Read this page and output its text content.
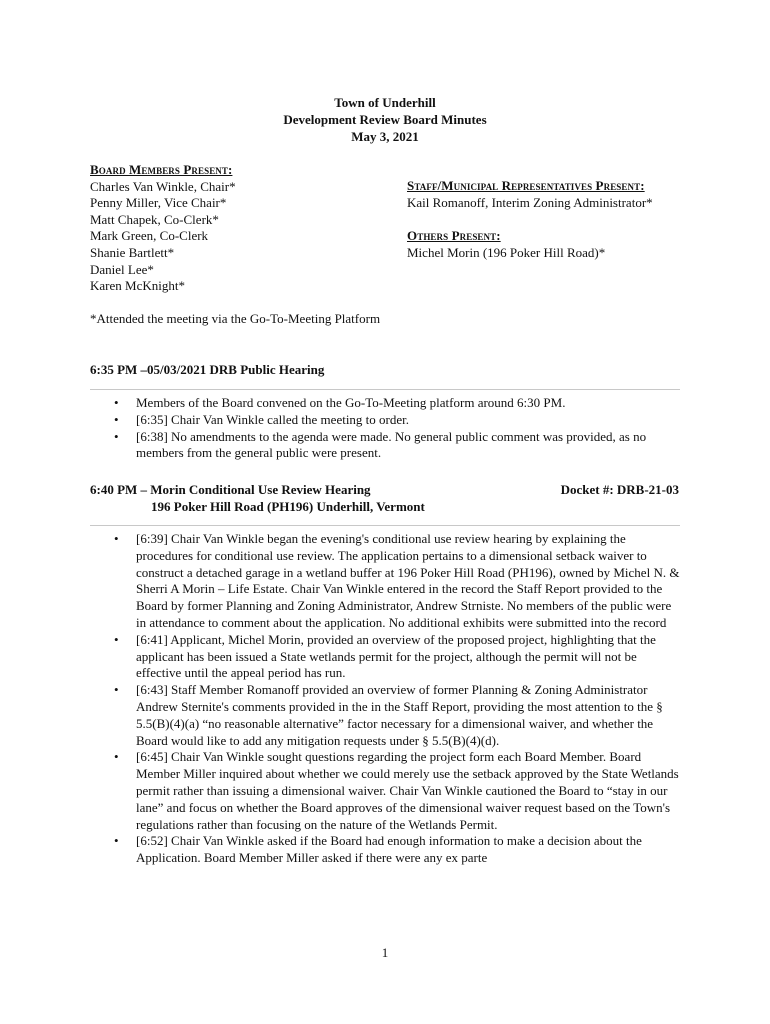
Town of Underhill
Development Review Board Minutes
May 3, 2021
Board Members Present:
Charles Van Winkle, Chair*
Penny Miller, Vice Chair*
Matt Chapek, Co-Clerk*
Mark Green, Co-Clerk
Shanie Bartlett*
Daniel Lee*
Karen McKnight*
Staff/Municipal Representatives Present:
Kail Romanoff, Interim Zoning Administrator*
Others Present:
Michel Morin (196 Poker Hill Road)*
*Attended the meeting via the Go-To-Meeting Platform
6:35 PM –05/03/2021 DRB Public Hearing
• Members of the Board convened on the Go-To-Meeting platform around 6:30 PM.
• [6:35] Chair Van Winkle called the meeting to order.
• [6:38] No amendments to the agenda were made. No general public comment was provided, as no members from the general public were present.
6:40 PM – Morin Conditional Use Review Hearing	Docket #: DRB-21-03
196 Poker Hill Road (PH196) Underhill, Vermont
• [6:39] Chair Van Winkle began the evening's conditional use review hearing by explaining the procedures for conditional use review. The application pertains to a dimensional setback waiver to construct a detached garage in a wetland buffer at 196 Poker Hill Road (PH196), owned by Michel N. & Sherri A Morin – Life Estate. Chair Van Winkle entered in the record the Staff Report provided to the Board by former Planning and Zoning Administrator, Andrew Strniste. No members of the public were in attendance to comment about the application. No additional exhibits were submitted into the record
• [6:41] Applicant, Michel Morin, provided an overview of the proposed project, highlighting that the applicant has been issued a State wetlands permit for the project, although the permit will not be effective until the appeal period has run.
• [6:43] Staff Member Romanoff provided an overview of former Planning & Zoning Administrator Andrew Sternite's comments provided in the in the Staff Report, providing the most attention to the § 5.5(B)(4)(a) “no reasonable alternative” factor necessary for a dimensional waiver, and whether the Board would like to add any mitigation requests under § 5.5(B)(4)(d).
• [6:45] Chair Van Winkle sought questions regarding the project form each Board Member. Board Member Miller inquired about whether we could merely use the setback approved by the State Wetlands permit rather than issuing a dimensional waiver. Chair Van Winkle cautioned the Board to “stay in our lane” and focus on whether the Board approves of the dimensional waiver request based on the Town's regulations rather than focusing on the nature of the Wetlands Permit.
• [6:52] Chair Van Winkle asked if the Board had enough information to make a decision about the Application. Board Member Miller asked if there were any ex parte
1
